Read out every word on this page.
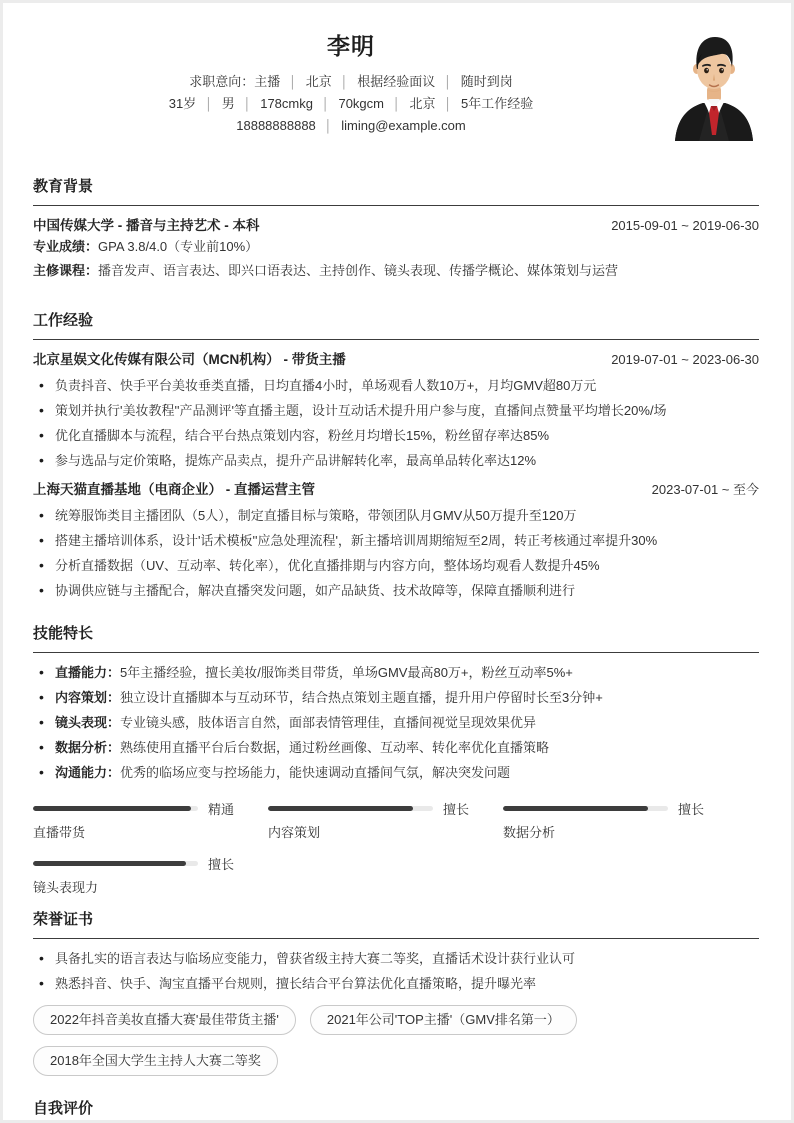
李明
求职意向：主播 │ 北京 │ 根据经验面议 │ 随时到岗
31岁 │ 男 │ 178cmkg │ 70kgcm │ 北京 │ 5年工作经验
18888888888 │ liming@example.com
教育背景
中国传媒大学 - 播音与主持艺术 - 本科	2015-09-01 ~ 2019-06-30
专业成绩：GPA 3.8/4.0（专业前10%）
主修课程：播音发声、语言表达、即兴口语表达、主持创作、镜头表现、传播学概论、媒体策划与运营
工作经验
北京星娱文化传媒有限公司（MCN机构） - 带货主播	2019-07-01 ~ 2023-06-30
• 负责抖音、快手平台美妆垂类直播，日均直播4小时，单场观看人数10万+，月均GMV超80万元
• 策划并执行'美妆教程''产品测评'等直播主题，设计互动话术提升用户参与度，直播间点赞量平均增长20%/场
• 优化直播脚本与流程，结合平台热点策划内容，粉丝月均增长15%，粉丝留存率达85%
• 参与选品与定价策略，提炼产品卖点，提升产品讲解转化率，最高单品转化率达12%
上海天猫直播基地（电商企业） - 直播运营主管	2023-07-01 ~ 至今
• 统筹服饰类目主播团队（5人），制定直播目标与策略，带领团队月GMV从50万提升至120万
• 搭建主播培训体系，设计'话术模板''应急处理流程'，新主播培训周期缩短至2周，转正考核通过率提升30%
• 分析直播数据（UV、互动率、转化率），优化直播排期与内容方向，整体场均观看人数提升45%
• 协调供应链与主播配合，解决直播突发问题，如产品缺货、技术故障等，保障直播顺利进行
技能特长
• 直播能力：5年主播经验，擅长美妆/服饰类目带货，单场GMV最高80万+，粉丝互动率5%+
• 内容策划：独立设计直播脚本与互动环节，结合热点策划主题直播，提升用户停留时长至3分钟+
• 镜头表现：专业镜头感，肢体语言自然，面部表情管理佳，直播间视觉呈现效果优异
• 数据分析：熟练使用直播平台后台数据，通过粉丝画像、互动率、转化率优化直播策略
• 沟通能力：优秀的临场应变与控场能力，能快速调动直播间气氛，解决突发问题
精通
直播带货
擅长
内容策划
擅长
数据分析
擅长
镜头表现力
荣誉证书
• 具备扎实的语言表达与临场应变能力，曾获省级主持大赛二等奖，直播话术设计获行业认可
• 熟悉抖音、快手、淘宝直播平台规则，擅长结合平台算法优化直播策略，提升曝光率
2022年抖音美妆直播大赛'最佳带货主播'	2021年公司'TOP主播'（GMV排名第一）
2018年全国大学生主持人大赛二等奖
自我评价
